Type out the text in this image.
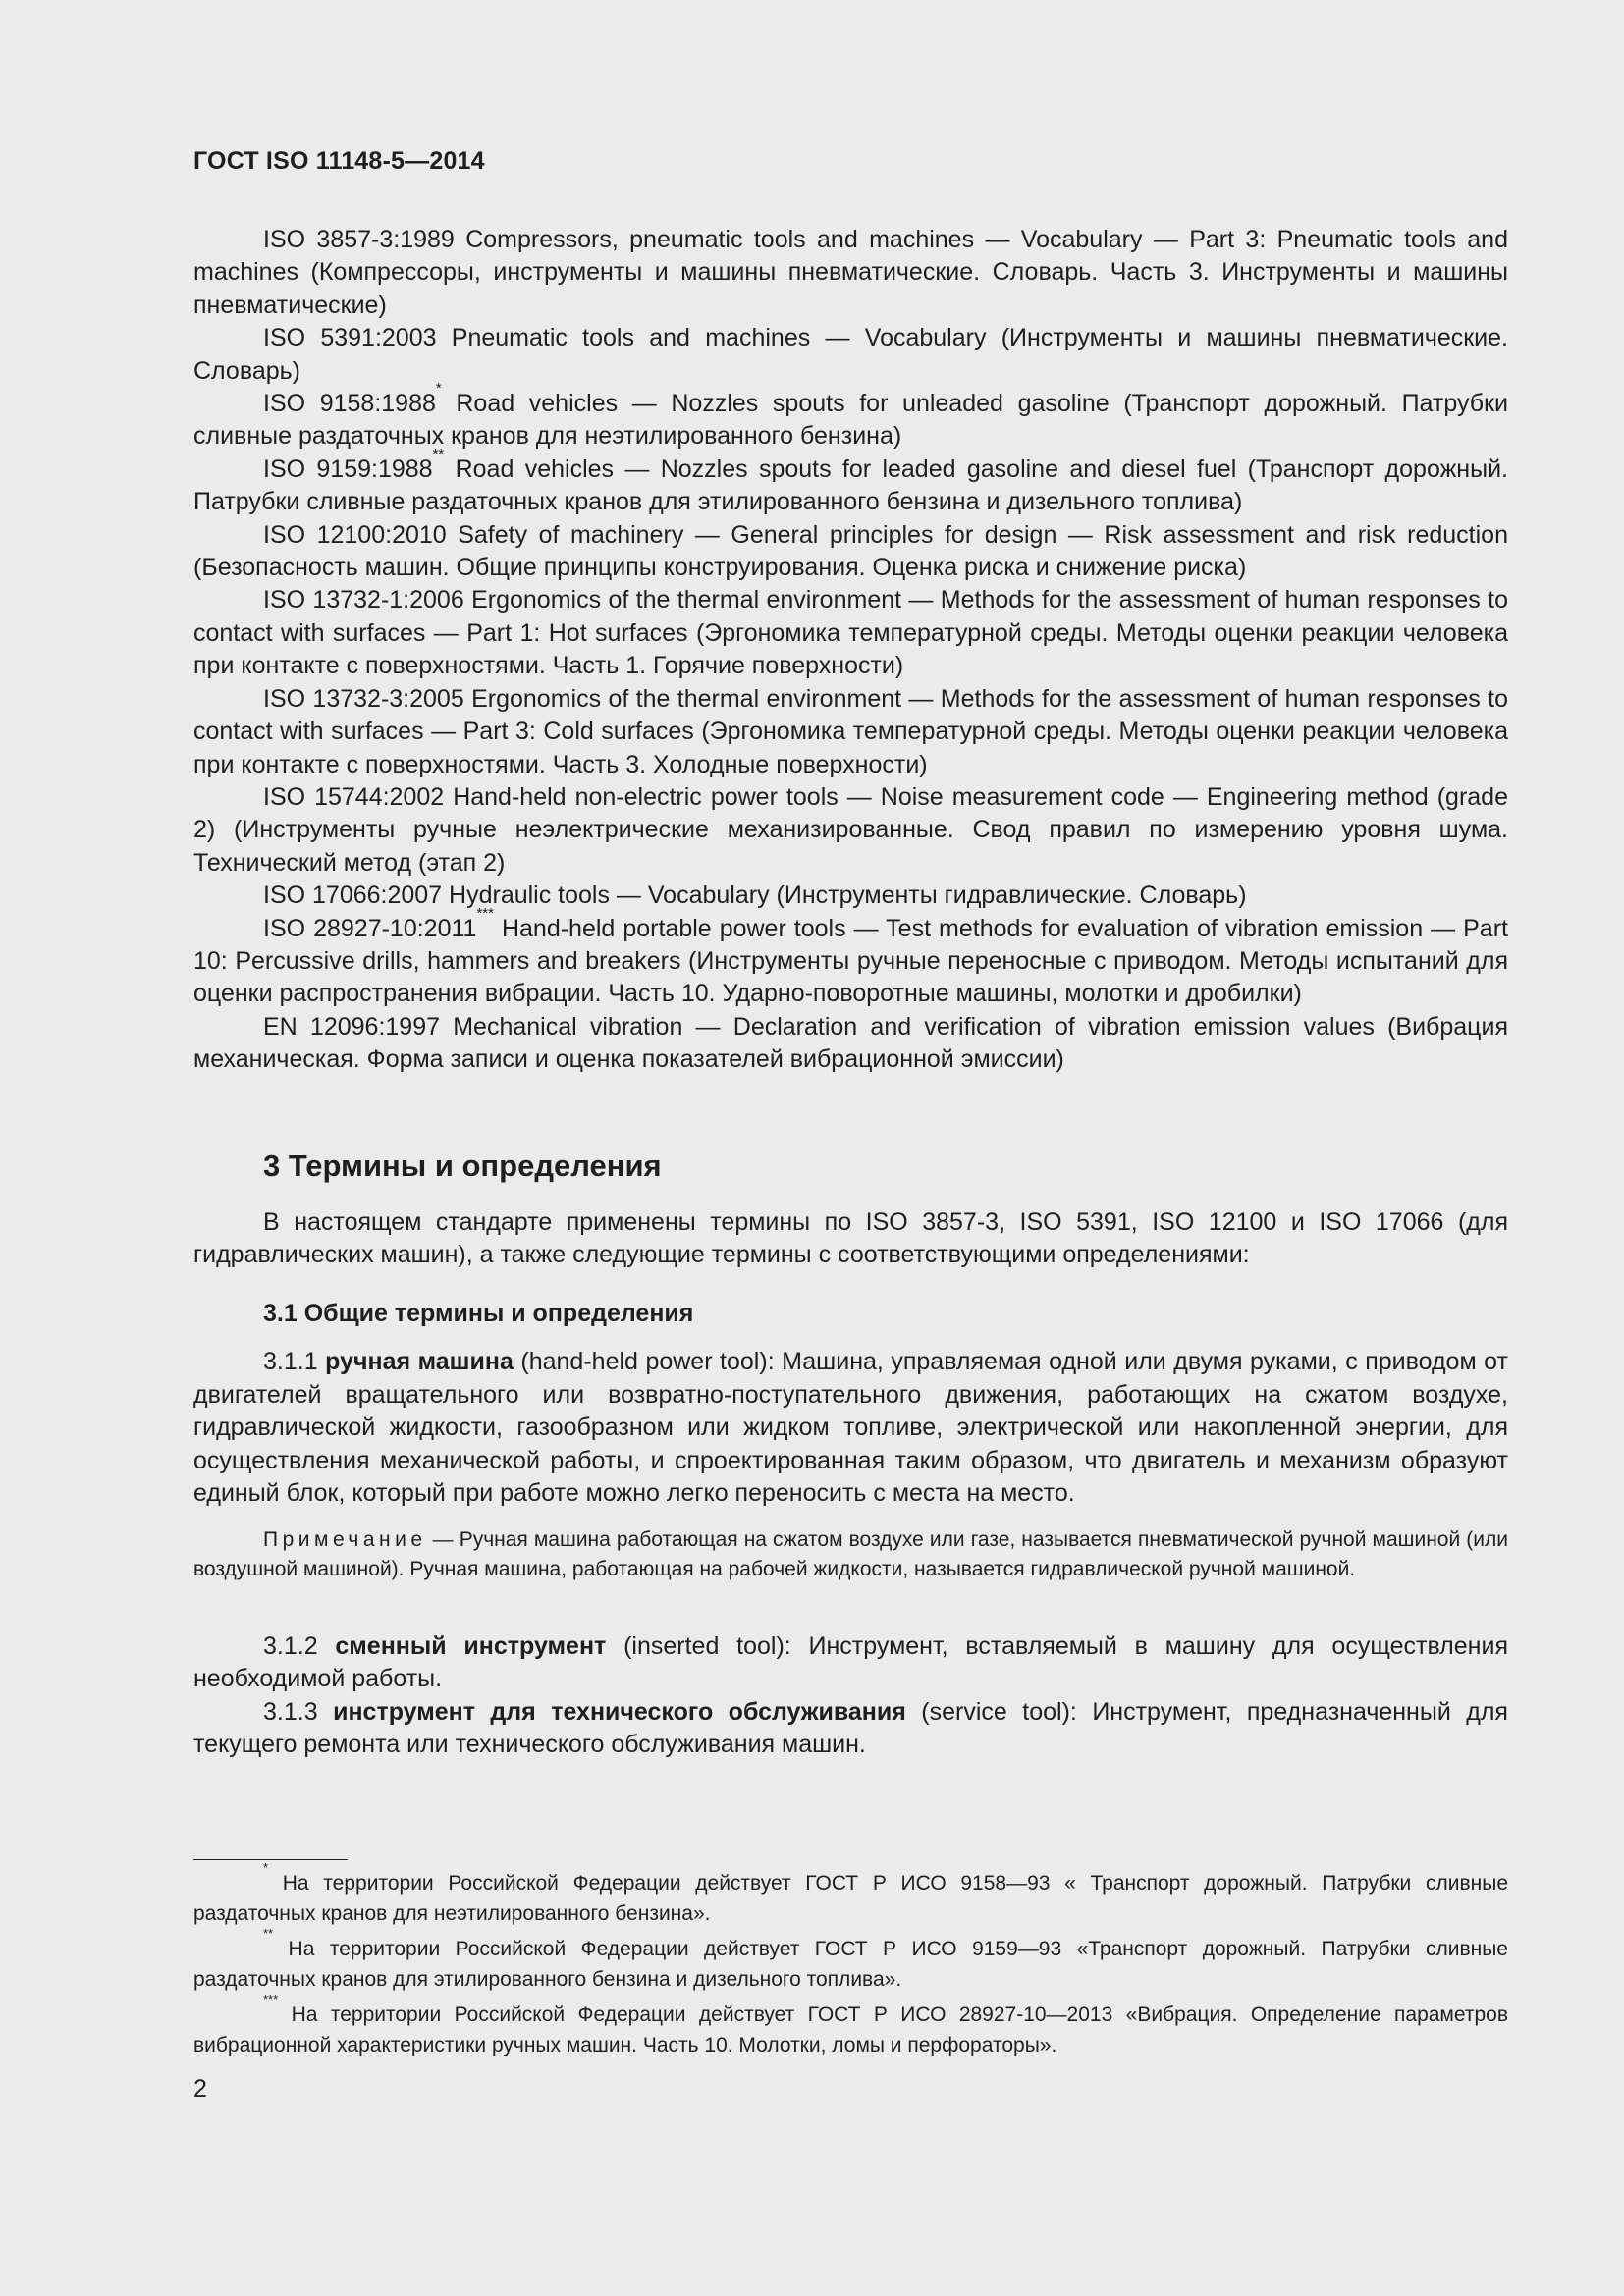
ГОСТ ISO 11148-5—2014

ISO 3857-3:1989 Compressors, pneumatic tools and machines — Vocabulary — Part 3: Pneumatic tools and machines (Компрессоры, инструменты и машины пневматические. Словарь. Часть 3. Инструменты и машины пневматические)

ISO 5391:2003 Pneumatic tools and machines — Vocabulary (Инструменты и машины пневматические. Словарь)

ISO 9158:1988* Road vehicles — Nozzles spouts for unleaded gasoline (Транспорт дорожный. Патрубки сливные раздаточных кранов для неэтилированного бензина)

ISO 9159:1988** Road vehicles — Nozzles spouts for leaded gasoline and diesel fuel (Транспорт дорожный. Патрубки сливные раздаточных кранов для этилированного бензина и дизельного топлива)

ISO 12100:2010 Safety of machinery — General principles for design — Risk assessment and risk reduction (Безопасность машин. Общие принципы конструирования. Оценка риска и снижение риска)

ISO 13732-1:2006 Ergonomics of the thermal environment — Methods for the assessment of human responses to contact with surfaces — Part 1: Hot surfaces (Эргономика температурной среды. Методы оценки реакции человека при контакте с поверхностями. Часть 1. Горячие поверхности)

ISO 13732-3:2005 Ergonomics of the thermal environment — Methods for the assessment of human responses to contact with surfaces — Part 3: Cold surfaces (Эргономика температурной среды. Методы оценки реакции человека при контакте с поверхностями. Часть 3. Холодные поверхности)

ISO 15744:2002 Hand-held non-electric power tools — Noise measurement code — Engineering method (grade 2) (Инструменты ручные неэлектрические механизированные. Свод правил по измерению уровня шума. Технический метод (этап 2)

ISO 17066:2007 Hydraulic tools — Vocabulary (Инструменты гидравлические. Словарь)

ISO 28927-10:2011*** Hand-held portable power tools — Test methods for evaluation of vibration emission — Part 10: Percussive drills, hammers and breakers (Инструменты ручные переносные с приводом. Методы испытаний для оценки распространения вибрации. Часть 10. Ударно-поворотные машины, молотки и дробилки)

EN 12096:1997 Mechanical vibration — Declaration and verification of vibration emission values (Вибрация механическая. Форма записи и оценка показателей вибрационной эмиссии)

3 Термины и определения

В настоящем стандарте применены термины по ISO 3857-3, ISO 5391, ISO 12100 и ISO 17066 (для гидравлических машин), а также следующие термины с соответствующими определениями:

3.1 Общие термины и определения

3.1.1 ручная машина (hand-held power tool): Машина, управляемая одной или двумя руками, с приводом от двигателей вращательного или возвратно-поступательного движения, работающих на сжатом воздухе, гидравлической жидкости, газообразном или жидком топливе, электрической или накопленной энергии, для осуществления механической работы, и спроектированная таким образом, что двигатель и механизм образуют единый блок, который при работе можно легко переносить с места на место.

Примечание — Ручная машина работающая на сжатом воздухе или газе, называется пневматической ручной машиной (или воздушной машиной). Ручная машина, работающая на рабочей жидкости, называется гидравлической ручной машиной.

3.1.2 сменный инструмент (inserted tool): Инструмент, вставляемый в машину для осуществления необходимой работы.

3.1.3 инструмент для технического обслуживания (service tool): Инструмент, предназначенный для текущего ремонта или технического обслуживания машин.

* На территории Российской Федерации действует ГОСТ Р ИСО 9158—93 « Транспорт дорожный. Патрубки сливные раздаточных кранов для неэтилированного бензина».

** На территории Российской Федерации действует ГОСТ Р ИСО 9159—93 «Транспорт дорожный. Патрубки сливные раздаточных кранов для этилированного бензина и дизельного топлива».

*** На территории Российской Федерации действует ГОСТ Р ИСО 28927-10—2013 «Вибрация. Определение параметров вибрационной характеристики ручных машин. Часть 10. Молотки, ломы и перфораторы».

2
